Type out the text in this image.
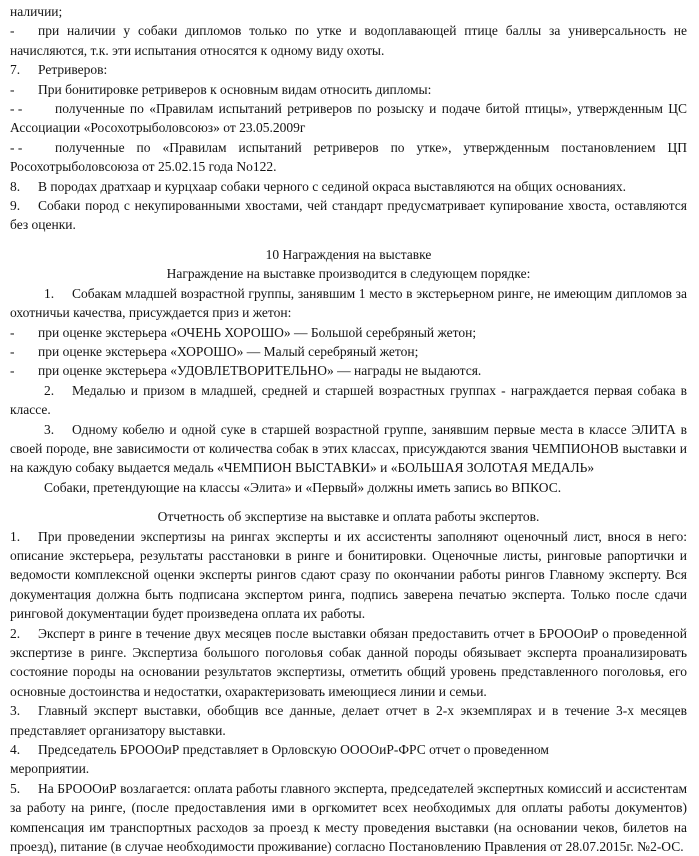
наличии;

- при наличии у собаки дипломов только по утке и водоплавающей птице баллы за универсальность не начисляются, т.к. эти испытания относятся к одному виду охоты.

7. Ретриверов:

- При бонитировке ретриверов к основным видам относить дипломы:

- - полученные по «Правилам испытаний ретриверов по розыску и подаче битой птицы», утвержденным ЦС Ассоциации «Росохотрыболовсоюз» от 23.05.2009г

- - полученные по «Правилам испытаний ретриверов по утке», утвержденным постановлением ЦП Росохотрыболовсоюза от 25.02.15 года No122.

8. В породах дратхаар и курцхаар собаки черного с сединой окраса выставляются на общих основаниях.

9. Собаки пород с некупированными хвостами, чей стандарт предусматривает купирование хвоста, оставляются без оценки.

10 Награждения на выставке

Награждение на выставке производится в следующем порядке:

1. Собакам младшей возрастной группы, занявшим 1 место в экстерьерном ринге, не имеющим дипломов за охотничьи качества, присуждается приз и жетон:

- при оценке экстерьера «ОЧЕНЬ ХОРОШО» — Большой серебряный жетон;

- при оценке экстерьера «ХОРОШО» — Малый серебряный жетон;

- при оценке экстерьера «УДОВЛЕТВОРИТЕЛЬНО» — награды не выдаются.

2. Медалью и призом в младшей, средней и старшей возрастных группах - награждается первая собака в классе.

3. Одному кобелю и одной суке в старшей возрастной группе, занявшим первые места в классе ЭЛИТА в своей породе, вне зависимости от количества собак в этих классах, присуждаются звания ЧЕМПИОНОВ выставки и на каждую собаку выдается медаль «ЧЕМПИОН ВЫСТАВКИ» и «БОЛЬШАЯ ЗОЛОТАЯ МЕДАЛЬ»

Собаки, претендующие на классы «Элита» и «Первый» должны иметь запись во ВПКОС.

Отчетность об экспертизе на выставке и оплата работы экспертов.

1. При проведении экспертизы на рингах эксперты и их ассистенты заполняют оценочный лист, внося в него: описание экстерьера, результаты расстановки в ринге и бонитировки. Оценочные листы, ринговые рапортички и ведомости комплексной оценки эксперты рингов сдают сразу по окончании работы рингов Главному эксперту. Вся документация должна быть подписана экспертом ринга, подпись заверена печатью эксперта. Только после сдачи ринговой документации будет произведена оплата их работы.

2. Эксперт в ринге в течение двух месяцев после выставки обязан предоставить отчет в БРОООиР о проведенной экспертизе в ринге. Экспертиза большого поголовья собак данной породы обязывает эксперта проанализировать состояние породы на основании результатов экспертизы, отметить общий уровень представленного поголовья, его основные достоинства и недостатки, охарактеризовать имеющиеся линии и семьи.

3. Главный эксперт выставки, обобщив все данные, делает отчет в 2-х экземплярах и в течение 3-х месяцев представляет организатору выставки.

4. Председатель БРОООиР представляет в Орловскую ООООиР-ФРС отчет о проведенном

мероприятии.

5. На БРОООиР возлагается: оплата работы главного эксперта, председателей экспертных комиссий и ассистентам за работу на ринге, (после предоставления ими в оргкомитет всех необходимых для оплаты работы документов) компенсация им транспортных расходов за проезд к месту проведения выставки (на основании чеков, билетов на проезд), питание (в случае необходимости проживание) согласно Постановлению Правления от 28.07.2015г. №2-ОС.
